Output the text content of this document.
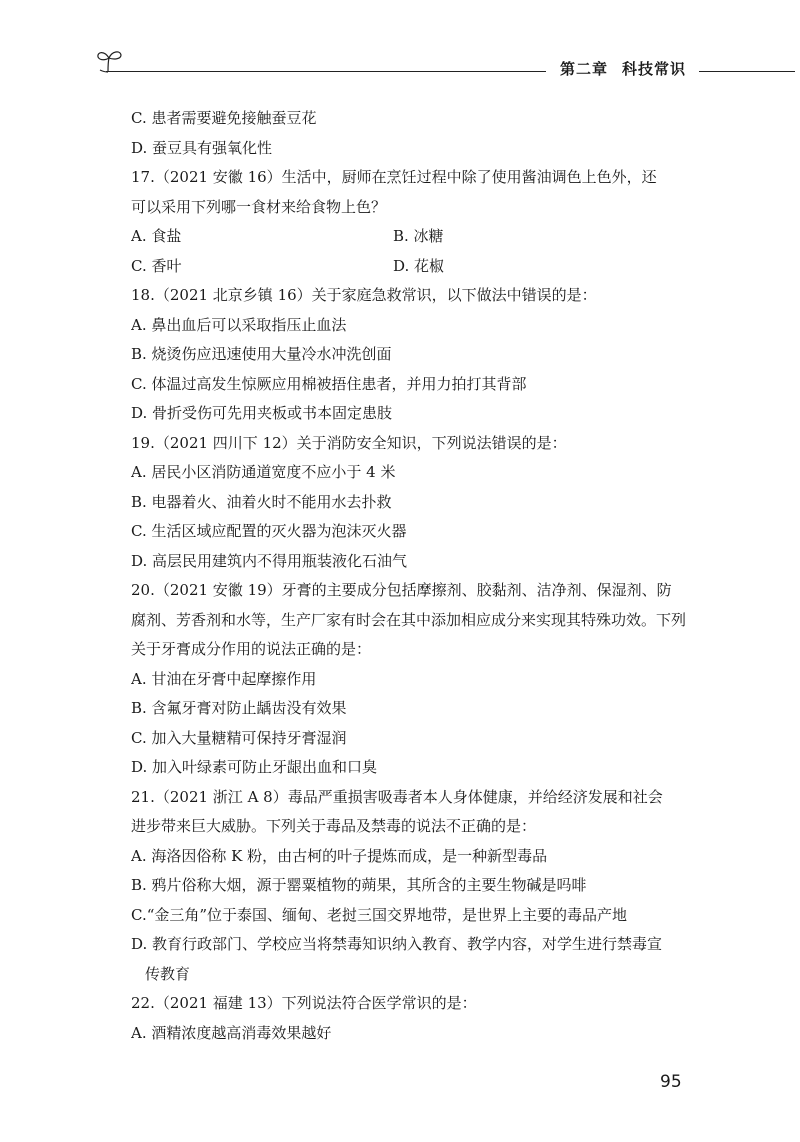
第二章 科技常识
C. 患者需要避免接触蚕豆花
D. 蚕豆具有强氧化性
17.（2021 安徽 16）生活中，厨师在烹饪过程中除了使用酱油调色上色外，还
可以采用下列哪一食材来给食物上色？
A. 食盐	B. 冰糖
C. 香叶	D. 花椒
18.（2021 北京乡镇 16）关于家庭急救常识，以下做法中错误的是：
A. 鼻出血后可以采取指压止血法
B. 烧烫伤应迅速使用大量冷水冲洗创面
C. 体温过高发生惊厥应用棉被捂住患者，并用力拍打其背部
D. 骨折受伤可先用夹板或书本固定患肢
19.（2021 四川下 12）关于消防安全知识，下列说法错误的是：
A. 居民小区消防通道宽度不应小于 4 米
B. 电器着火、油着火时不能用水去扑救
C. 生活区域应配置的灭火器为泡沫灭火器
D. 高层民用建筑内不得用瓶装液化石油气
20.（2021 安徽 19）牙膏的主要成分包括摩擦剂、胶黏剂、洁净剂、保湿剂、防
腐剂、芳香剂和水等，生产厂家有时会在其中添加相应成分来实现其特殊功效。下列
关于牙膏成分作用的说法正确的是：
A. 甘油在牙膏中起摩擦作用
B. 含氟牙膏对防止龋齿没有效果
C. 加入大量糖精可保持牙膏湿润
D. 加入叶绿素可防止牙龈出血和口臭
21.（2021 浙江 A 8）毒品严重损害吸毒者本人身体健康，并给经济发展和社会
进步带来巨大威胁。下列关于毒品及禁毒的说法不正确的是：
A. 海洛因俗称 K 粉，由古柯的叶子提炼而成，是一种新型毒品
B. 鸦片俗称大烟，源于罂粟植物的蒴果，其所含的主要生物碱是吗啡
C.“金三角”位于泰国、缅甸、老挝三国交界地带，是世界上主要的毒品产地
D. 教育行政部门、学校应当将禁毒知识纳入教育、教学内容，对学生进行禁毒宣
传教育
22.（2021 福建 13）下列说法符合医学常识的是：
A. 酒精浓度越高消毒效果越好
95
